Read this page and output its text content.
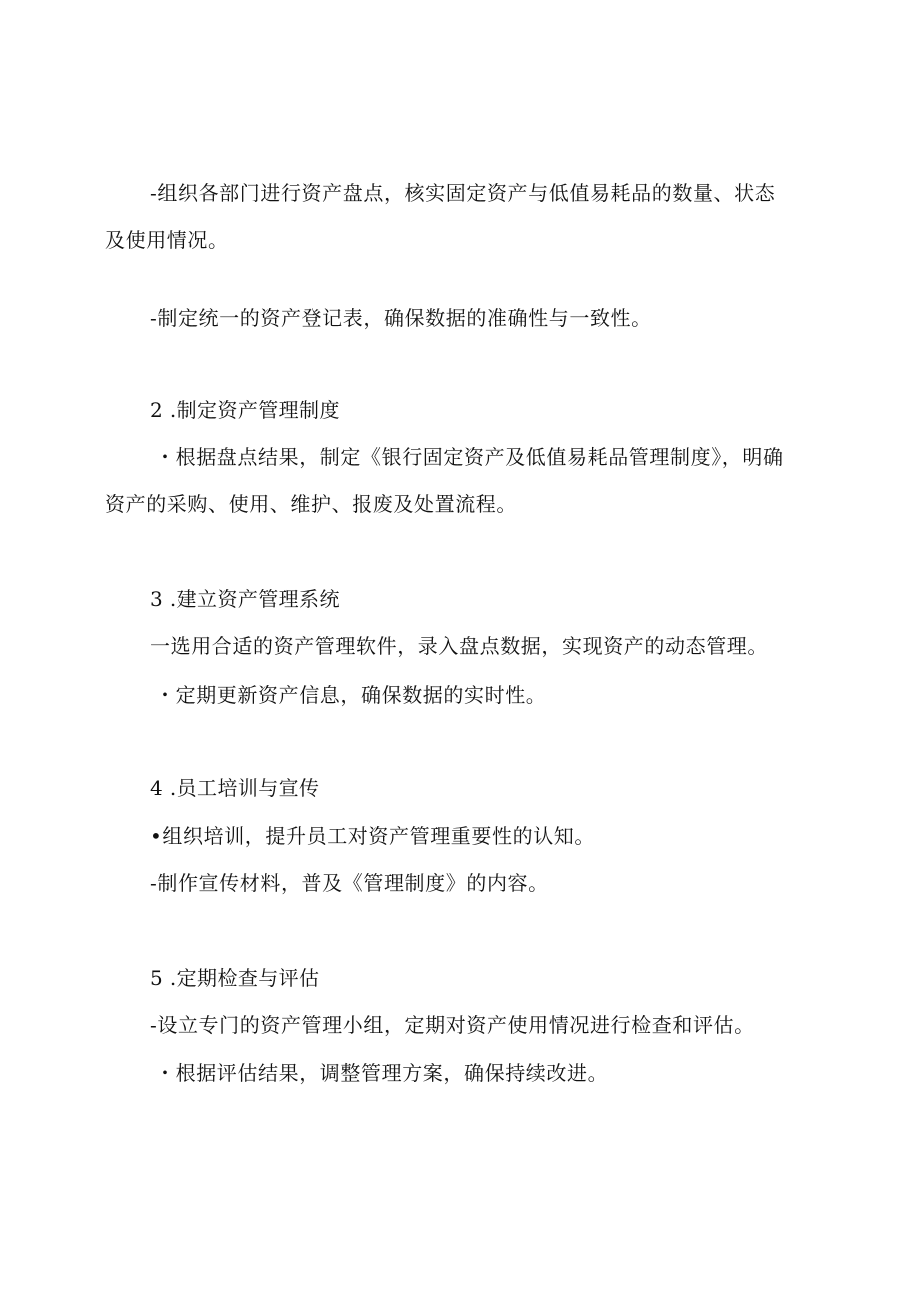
-组织各部门进行资产盘点，核实固定资产与低值易耗品的数量、状态
及使用情况。
-制定统一的资产登记表，确保数据的准确性与一致性。
2 .制定资产管理制度
・根据盘点结果，制定《银行固定资产及低值易耗品管理制度》，明确
资产的采购、使用、维护、报废及处置流程。
3 .建立资产管理系统
一选用合适的资产管理软件，录入盘点数据，实现资产的动态管理。
・定期更新资产信息，确保数据的实时性。
4 .员工培训与宣传
•组织培训，提升员工对资产管理重要性的认知。
-制作宣传材料，普及《管理制度》的内容。
5 .定期检查与评估
-设立专门的资产管理小组，定期对资产使用情况进行检查和评估。
・根据评估结果，调整管理方案，确保持续改进。
